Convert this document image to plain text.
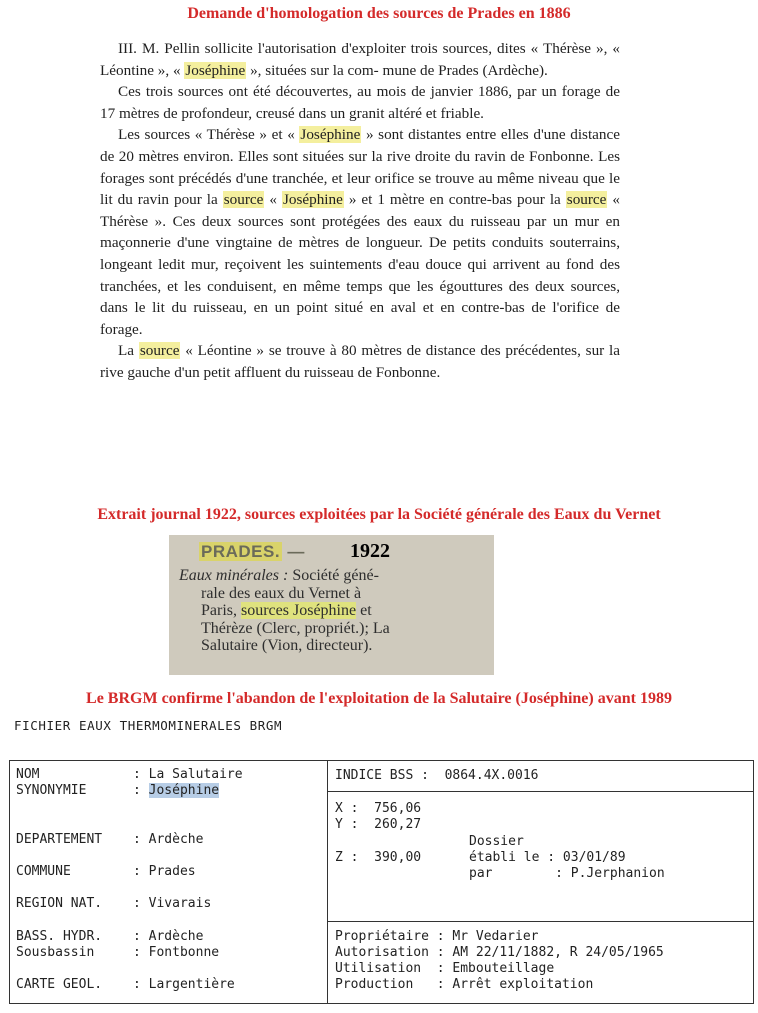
Demande d'homologation des sources de Prades en 1886

III. M. Pellin sollicite l'autorisation d'exploiter trois sources, dites « Thérèse », « Léontine », « Joséphine », situées sur la com- mune de Prades (Ardèche).

Ces trois sources ont été découvertes, au mois de janvier 1886, par un forage de 17 mètres de profondeur, creusé dans un granit altéré et friable.

Les sources « Thérèse » et « Joséphine » sont distantes entre elles d'une distance de 20 mètres environ. Elles sont situées sur la rive droite du ravin de Fonbonne. Les forages sont précédés d'une tranchée, et leur orifice se trouve au même niveau que le lit du ravin pour la source « Joséphine » et 1 mètre en contre-bas pour la source « Thérèse ». Ces deux sources sont protégées des eaux du ruisseau par un mur en maçonnerie d'une vingtaine de mètres de longueur. De petits conduits souterrains, longeant ledit mur, reçoivent les suintements d'eau douce qui arrivent au fond des tranchées, et les conduisent, en même temps que les égouttures des deux sources, dans le lit du ruisseau, en un point situé en aval et en contre-bas de l'orifice de forage.

La source « Léontine » se trouve à 80 mètres de distance des précédentes, sur la rive gauche d'un petit affluent du ruisseau de Fonbonne.

Extrait journal 1922, sources exploitées par la Société générale des Eaux du Vernet
PRADES. —
Eaux minérales : Société géné-
rale des eaux du Vernet à
Paris, sources Joséphine et
Thérèze (Clerc, propriét.); La
Salutaire (Vion, directeur).
1922
Le BRGM confirme l'abandon de l'exploitation de la Salutaire (Joséphine) avant 1989
FICHIER EAUX THERMOMINERALES BRGM
NOM	: La Salutaire
SYNONYMIE	: Joséphine
DEPARTEMENT : Ardèche
COMMUNE	: Prades
REGION NAT. : Vivarais
BASS. HYDR. : Ardèche
Sousbassin	: Fontbonne
CARTE GEOL. : Largentière
INDICE BSS :  0864.4X.0016
X :  756,06
Y :  260,27
Z :  390,00
Dossier
établi le : 03/01/89
par        : P.Jerphanion
Propriétaire : Mr Vedarier
Autorisation : AM 22/11/1882, R 24/05/1965
Utilisation  : Embouteillage
Production   : Arrêt exploitation
